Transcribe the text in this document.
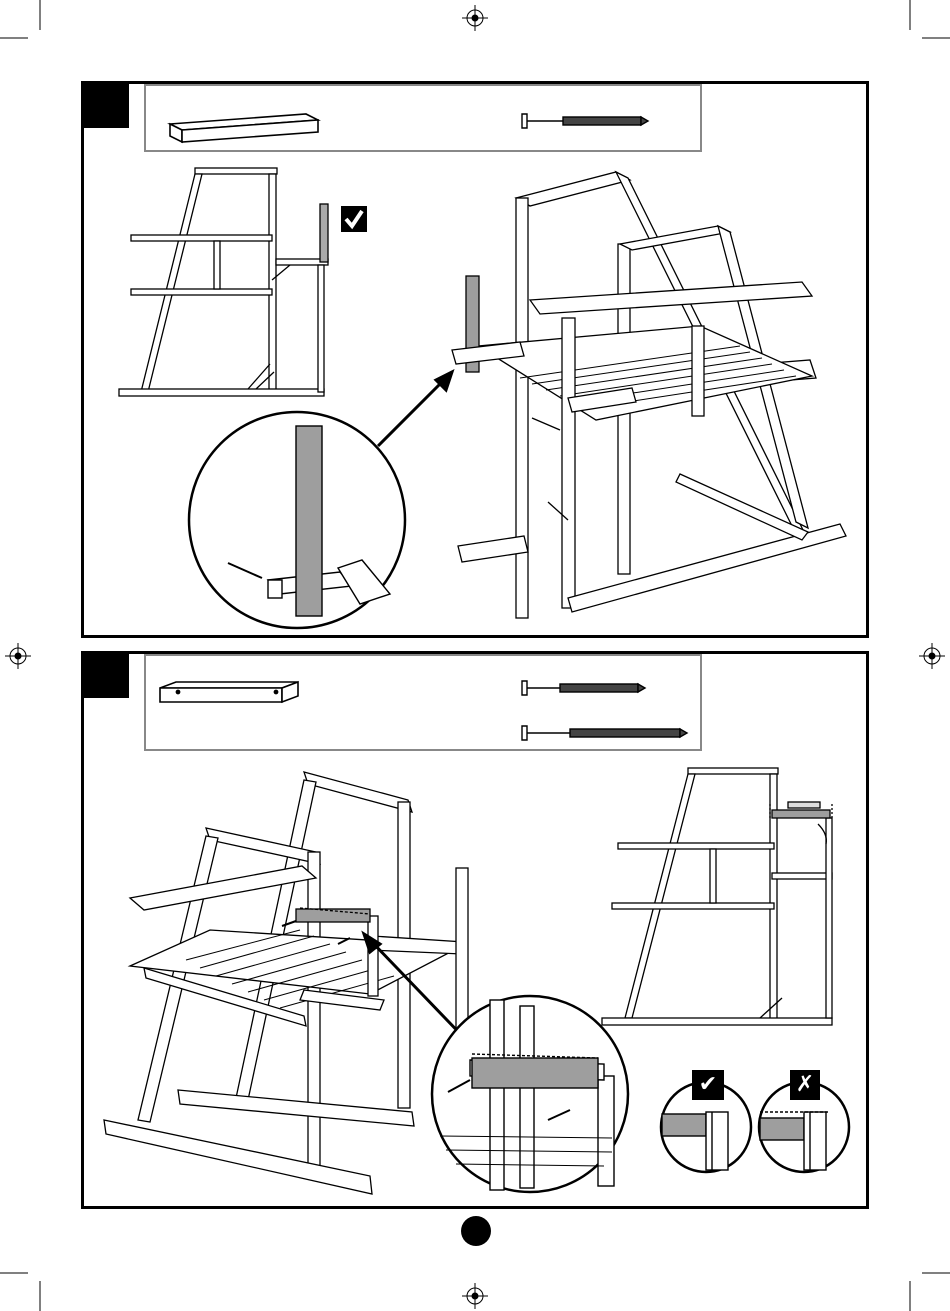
✔	✗
